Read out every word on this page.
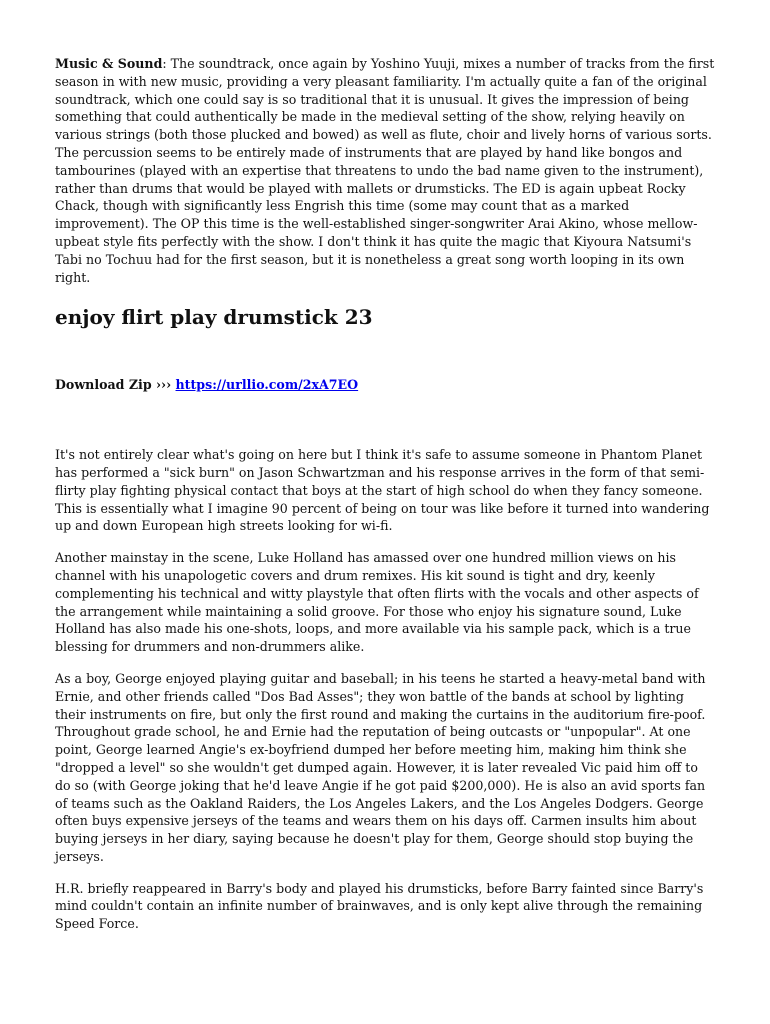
Music & Sound: The soundtrack, once again by Yoshino Yuuji, mixes a number of tracks from the first season in with new music, providing a very pleasant familiarity. I'm actually quite a fan of the original soundtrack, which one could say is so traditional that it is unusual. It gives the impression of being something that could authentically be made in the medieval setting of the show, relying heavily on various strings (both those plucked and bowed) as well as flute, choir and lively horns of various sorts. The percussion seems to be entirely made of instruments that are played by hand like bongos and tambourines (played with an expertise that threatens to undo the bad name given to the instrument), rather than drums that would be played with mallets or drumsticks. The ED is again upbeat Rocky Chack, though with significantly less Engrish this time (some may count that as a marked improvement). The OP this time is the well-established singer-songwriter Arai Akino, whose mellow-upbeat style fits perfectly with the show. I don't think it has quite the magic that Kiyoura Natsumi's Tabi no Tochuu had for the first season, but it is nonetheless a great song worth looping in its own right.

enjoy flirt play drumstick 23

Download Zip ››› https://urllio.com/2xA7EO

It's not entirely clear what's going on here but I think it's safe to assume someone in Phantom Planet has performed a "sick burn" on Jason Schwartzman and his response arrives in the form of that semi-flirty play fighting physical contact that boys at the start of high school do when they fancy someone. This is essentially what I imagine 90 percent of being on tour was like before it turned into wandering up and down European high streets looking for wi-fi.

Another mainstay in the scene, Luke Holland has amassed over one hundred million views on his channel with his unapologetic covers and drum remixes. His kit sound is tight and dry, keenly complementing his technical and witty playstyle that often flirts with the vocals and other aspects of the arrangement while maintaining a solid groove. For those who enjoy his signature sound, Luke Holland has also made his one-shots, loops, and more available via his sample pack, which is a true blessing for drummers and non-drummers alike.

As a boy, George enjoyed playing guitar and baseball; in his teens he started a heavy-metal band with Ernie, and other friends called "Dos Bad Asses"; they won battle of the bands at school by lighting their instruments on fire, but only the first round and making the curtains in the auditorium fire-poof. Throughout grade school, he and Ernie had the reputation of being outcasts or "unpopular". At one point, George learned Angie's ex-boyfriend dumped her before meeting him, making him think she "dropped a level" so she wouldn't get dumped again. However, it is later revealed Vic paid him off to do so (with George joking that he'd leave Angie if he got paid $200,000). He is also an avid sports fan of teams such as the Oakland Raiders, the Los Angeles Lakers, and the Los Angeles Dodgers. George often buys expensive jerseys of the teams and wears them on his days off. Carmen insults him about buying jerseys in her diary, saying because he doesn't play for them, George should stop buying the jerseys.

H.R. briefly reappeared in Barry's body and played his drumsticks, before Barry fainted since Barry's mind couldn't contain an infinite number of brainwaves, and is only kept alive through the remaining Speed Force.
